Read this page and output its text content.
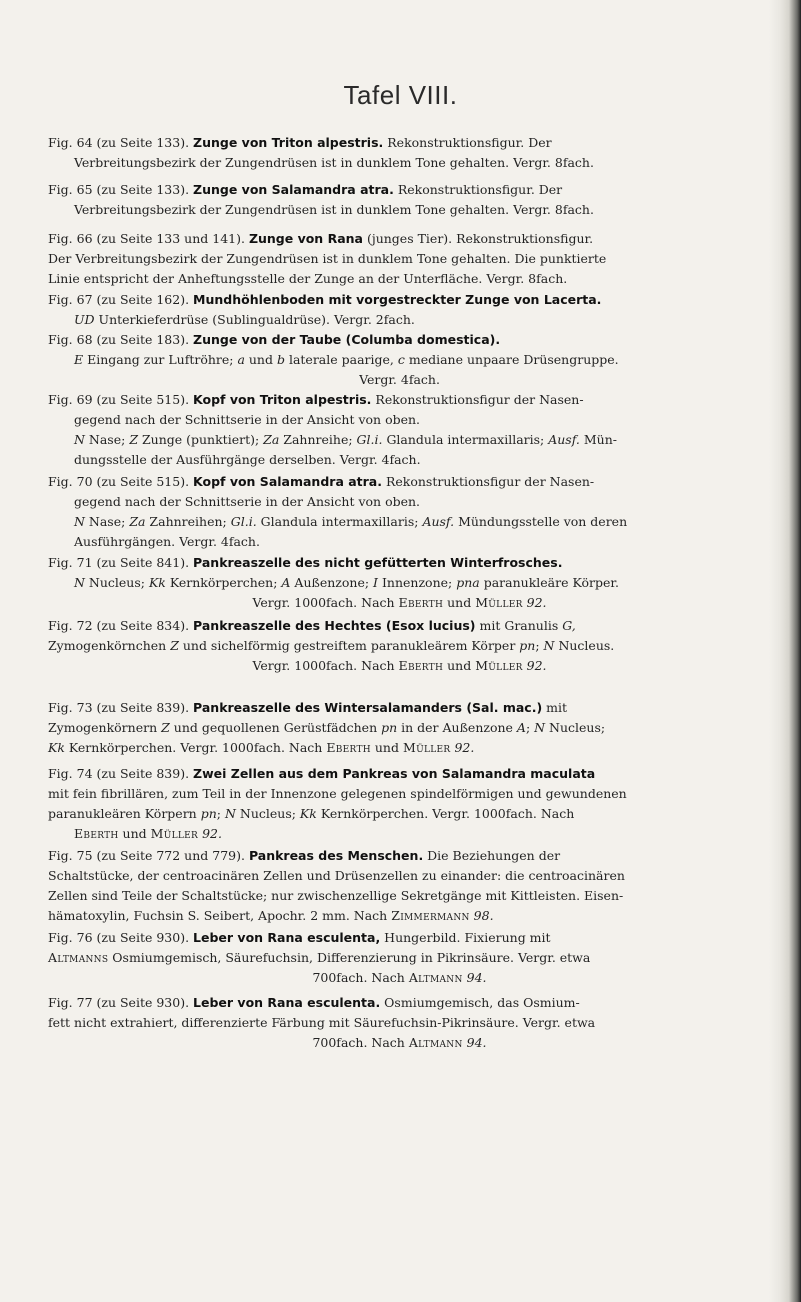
Tafel VIII.
Fig. 64 (zu Seite 133). Zunge von Triton alpestris. Rekonstruktionsfigur. Der
Verbreitungsbezirk der Zungendrüsen ist in dunklem Tone gehalten. Vergr. 8fach.
Fig. 65 (zu Seite 133). Zunge von Salamandra atra. Rekonstruktionsfigur. Der
Verbreitungsbezirk der Zungendrüsen ist in dunklem Tone gehalten. Vergr. 8fach.
Fig. 66 (zu Seite 133 und 141). Zunge von Rana (junges Tier). Rekonstruktionsfigur.
Der Verbreitungsbezirk der Zungendrüsen ist in dunklem Tone gehalten. Die punktierte
Linie entspricht der Anheftungsstelle der Zunge an der Unterfläche. Vergr. 8fach.
Fig. 67 (zu Seite 162). Mundhöhlenboden mit vorgestreckter Zunge von Lacerta.
UD Unterkieferdrüse (Sublingualdrüse). Vergr. 2fach.
Fig. 68 (zu Seite 183). Zunge von der Taube (Columba domestica).
E Eingang zur Luftröhre; a und b laterale paarige, c mediane unpaare Drüsengruppe.
Vergr. 4fach.
Fig. 69 (zu Seite 515). Kopf von Triton alpestris. Rekonstruktionsfigur der Nasen-
gegend nach der Schnittserie in der Ansicht von oben.
N Nase; Z Zunge (punktiert); Za Zahnreihe; Gl.i. Glandula intermaxillaris; Ausf. Mün-
dungsstelle der Ausführgänge derselben. Vergr. 4fach.
Fig. 70 (zu Seite 515). Kopf von Salamandra atra. Rekonstruktionsfigur der Nasen-
gegend nach der Schnittserie in der Ansicht von oben.
N Nase; Za Zahnreihen; Gl.i. Glandula intermaxillaris; Ausf. Mündungsstelle von deren
Ausführgängen. Vergr. 4fach.
Fig. 71 (zu Seite 841). Pankreaszelle des nicht gefütterten Winterfrosches.
N Nucleus; Kk Kernkörperchen; A Außenzone; I Innenzone; pna paranukleäre Körper.
Vergr. 1000fach. Nach Eberth und Müller 92.
Fig. 72 (zu Seite 834). Pankreaszelle des Hechtes (Esox lucius) mit Granulis G,
Zymogenkörnchen Z und sichelförmig gestreiftem paranukleärem Körper pn; N Nucleus.
Vergr. 1000fach. Nach Eberth und Müller 92.
Fig. 73 (zu Seite 839). Pankreaszelle des Wintersalamanders (Sal. mac.) mit
Zymogenkörnern Z und gequollenen Gerüstfädchen pn in der Außenzone A; N Nucleus;
Kk Kernkörperchen. Vergr. 1000fach. Nach Eberth und Müller 92.
Fig. 74 (zu Seite 839). Zwei Zellen aus dem Pankreas von Salamandra maculata
mit fein fibrillären, zum Teil in der Innenzone gelegenen spindelförmigen und gewundenen
paranukleären Körpern pn; N Nucleus; Kk Kernkörperchen. Vergr. 1000fach. Nach
Eberth und Müller 92.
Fig. 75 (zu Seite 772 und 779). Pankreas des Menschen. Die Beziehungen der
Schaltstücke, der centroacinären Zellen und Drüsenzellen zu einander: die centroacinären
Zellen sind Teile der Schaltstücke; nur zwischenzellige Sekretgänge mit Kittleisten. Eisen-
hämatoxylin, Fuchsin S. Seibert, Apochr. 2 mm. Nach Zimmermann 98.
Fig. 76 (zu Seite 930). Leber von Rana esculenta, Hungerbild. Fixierung mit
Altmanns Osmiumgemisch, Säurefuchsin, Differenzierung in Pikrinsäure. Vergr. etwa
700fach. Nach Altmann 94.
Fig. 77 (zu Seite 930). Leber von Rana esculenta. Osmiumgemisch, das Osmium-
fett nicht extrahiert, differenzierte Färbung mit Säurefuchsin-Pikrinsäure. Vergr. etwa
700fach. Nach Altmann 94.
